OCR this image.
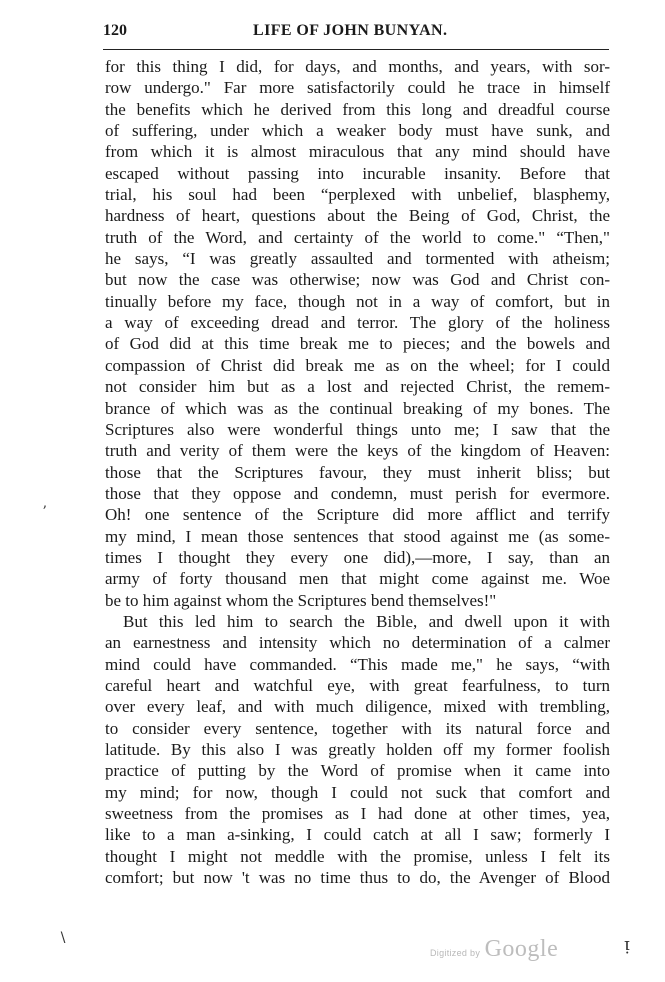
120	LIFE OF JOHN BUNYAN.
for this thing I did, for days, and months, and years, with sor-
row undergo." Far more satisfactorily could he trace in himself
the benefits which he derived from this long and dreadful course
of suffering, under which a weaker body must have sunk, and
from which it is almost miraculous that any mind should have
escaped without passing into incurable insanity. Before that
trial, his soul had been “perplexed with unbelief, blasphemy,
hardness of heart, questions about the Being of God, Christ, the
truth of the Word, and certainty of the world to come." “Then,"
he says, “I was greatly assaulted and tormented with atheism;
but now the case was otherwise; now was God and Christ con-
tinually before my face, though not in a way of comfort, but in
a way of exceeding dread and terror. The glory of the holiness
of God did at this time break me to pieces; and the bowels and
compassion of Christ did break me as on the wheel; for I could
not consider him but as a lost and rejected Christ, the remem-
brance of which was as the continual breaking of my bones. The
Scriptures also were wonderful things unto me; I saw that the
truth and verity of them were the keys of the kingdom of Heaven:
those that the Scriptures favour, they must inherit bliss; but
those that they oppose and condemn, must perish for evermore.
Oh! one sentence of the Scripture did more afflict and terrify
my mind, I mean those sentences that stood against me (as some-
times I thought they every one did),—more, I say, than an
army of forty thousand men that might come against me. Woe
be to him against whom the Scriptures bend themselves!"
But this led him to search the Bible, and dwell upon it with
an earnestness and intensity which no determination of a calmer
mind could have commanded. “This made me," he says, “with
careful heart and watchful eye, with great fearfulness, to turn
over every leaf, and with much diligence, mixed with trembling,
to consider every sentence, together with its natural force and
latitude. By this also I was greatly holden off my former foolish
practice of putting by the Word of promise when it came into
my mind; for now, though I could not suck that comfort and
sweetness from the promises as I had done at other times, yea,
like to a man a-sinking, I could catch at all I saw; formerly I
thought I might not meddle with the promise, unless I felt its
comfort; but now 't was no time thus to do, the Avenger of Blood
ʼ
∖	ᴉ
Digitized by Google
